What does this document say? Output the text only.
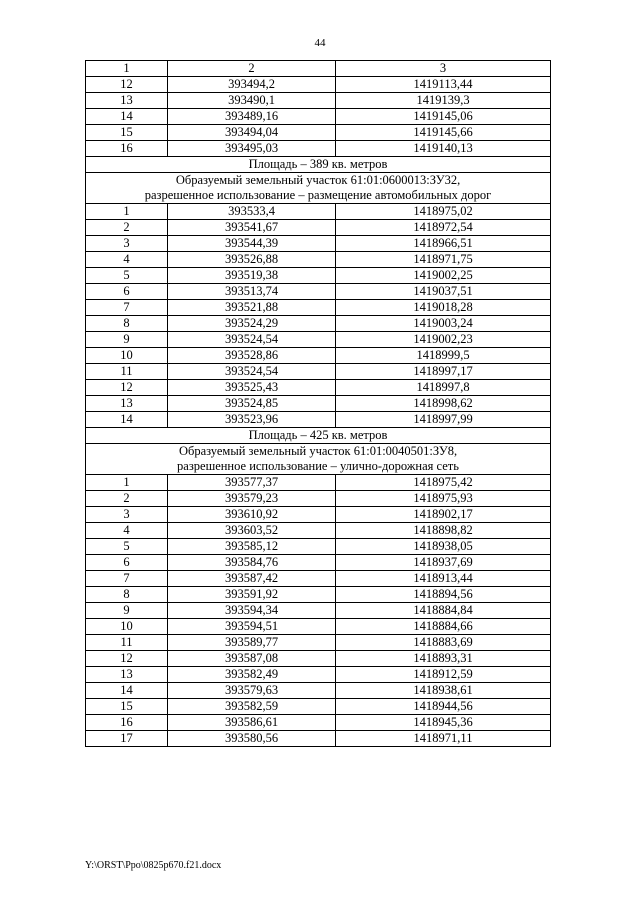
44
1	2	3
12	393494,2	1419113,44
13	393490,1	1419139,3
14	393489,16	1419145,06
15	393494,04	1419145,66
16	393495,03	1419140,13
Площадь – 389 кв. метров		

Образуемый земельный участок 61:01:0600013:ЗУ32,
разрешенное использование – размещение автомобильных дорог		

1	393533,4	1418975,02
2	393541,67	1418972,54
3	393544,39	1418966,51
4	393526,88	1418971,75
5	393519,38	1419002,25
6	393513,74	1419037,51
7	393521,88	1419018,28
8	393524,29	1419003,24
9	393524,54	1419002,23
10	393528,86	1418999,5
11	393524,54	1418997,17
12	393525,43	1418997,8
13	393524,85	1418998,62
14	393523,96	1418997,99
Площадь – 425 кв. метров		

Образуемый земельный участок 61:01:0040501:ЗУ8,
разрешенное использование – улично-дорожная сеть		

1	393577,37	1418975,42
2	393579,23	1418975,93
3	393610,92	1418902,17
4	393603,52	1418898,82
5	393585,12	1418938,05
6	393584,76	1418937,69
7	393587,42	1418913,44
8	393591,92	1418894,56
9	393594,34	1418884,84
10	393594,51	1418884,66
11	393589,77	1418883,69
12	393587,08	1418893,31
13	393582,49	1418912,59
14	393579,63	1418938,61
15	393582,59	1418944,56
16	393586,61	1418945,36
17	393580,56	1418971,11
Y:\ORST\Ppo\0825p670.f21.docx
